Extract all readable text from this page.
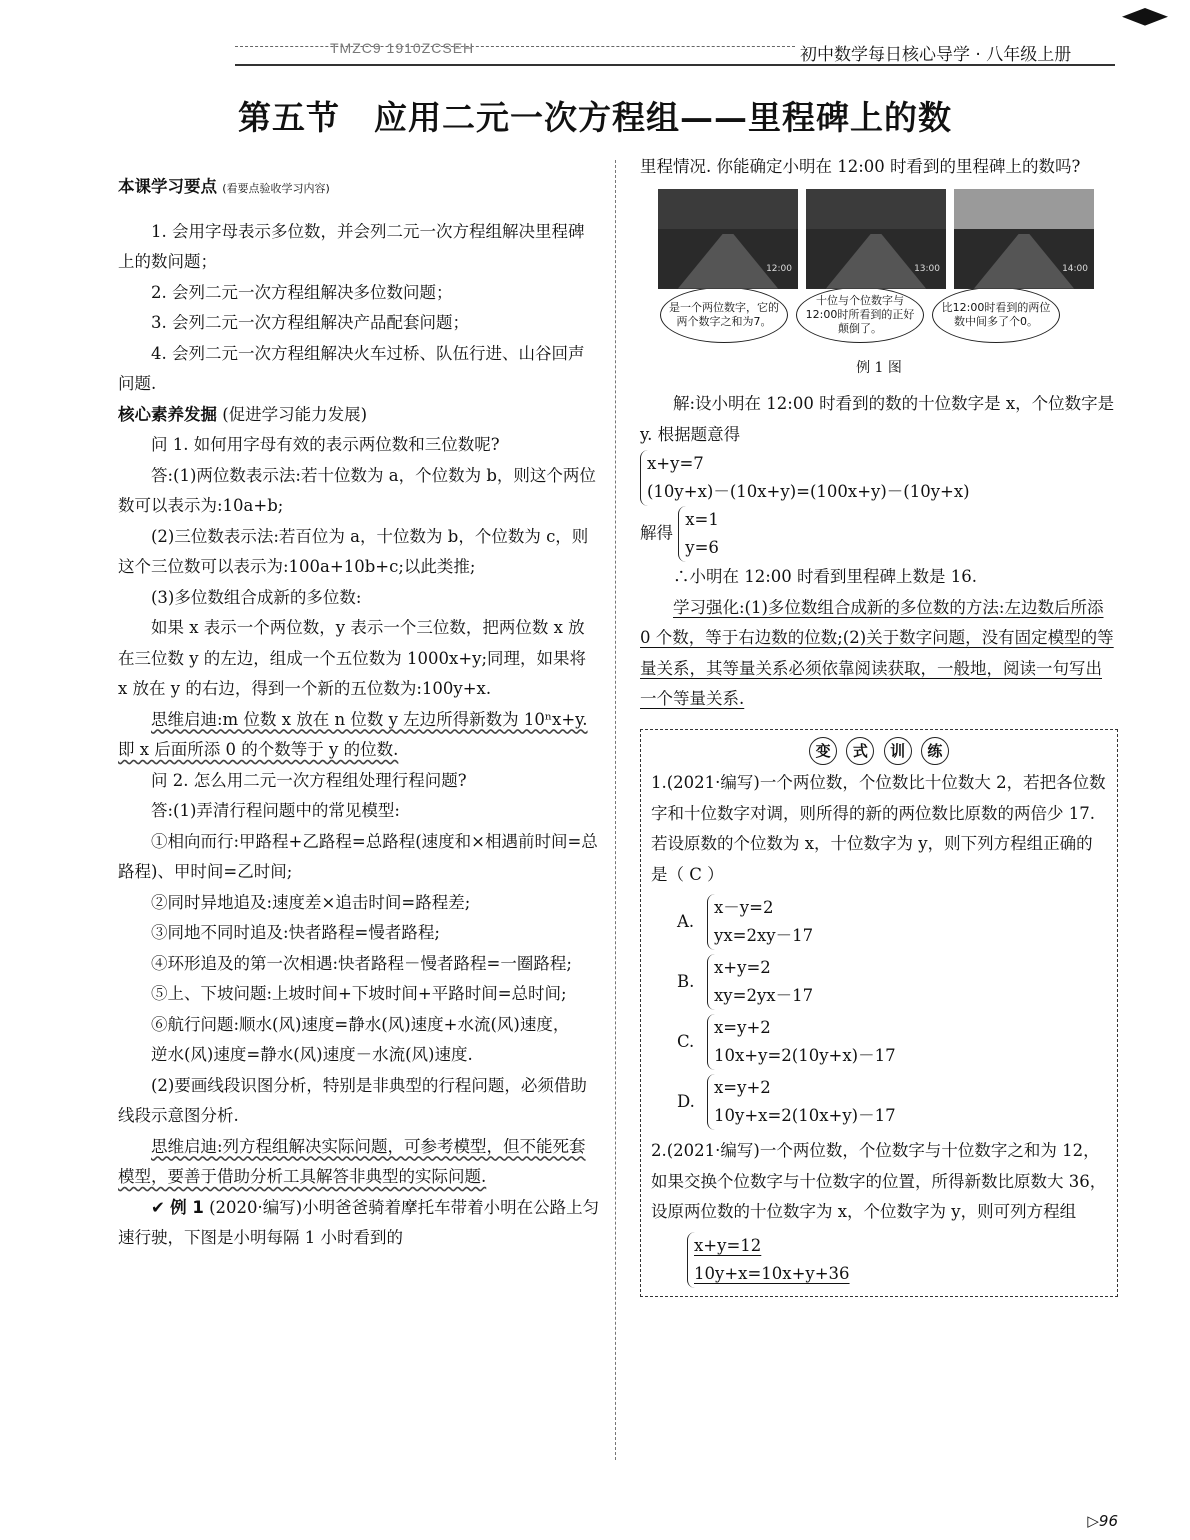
TMZC9 1910ZCSEH	初中数学每日核心导学 · 八年级上册
第五节　应用二元一次方程组——里程碑上的数

本课学习要点 (看要点验收学习内容)

1. 会用字母表示多位数，并会列二元一次方程组解决里程碑上的数问题；

2. 会列二元一次方程组解决多位数问题；

3. 会列二元一次方程组解决产品配套问题；

4. 会列二元一次方程组解决火车过桥、队伍行进、山谷回声问题.

核心素养发掘 (促进学习能力发展)

问 1. 如何用字母有效的表示两位数和三位数呢?

答:(1)两位数表示法:若十位数为 a，个位数为 b，则这个两位数可以表示为:10a+b;

(2)三位数表示法:若百位为 a，十位数为 b，个位数为 c，则这个三位数可以表示为:100a+10b+c;以此类推;

(3)多位数组合成新的多位数:

如果 x 表示一个两位数，y 表示一个三位数，把两位数 x 放在三位数 y 的左边，组成一个五位数为 1000x+y;同理，如果将 x 放在 y 的右边，得到一个新的五位数为:100y+x.

思维启迪:m 位数 x 放在 n 位数 y 左边所得新数为 10ⁿx+y. 即 x 后面所添 0 的个数等于 y 的位数.

问 2. 怎么用二元一次方程组处理行程问题?

答:(1)弄清行程问题中的常见模型:

①相向而行:甲路程+乙路程=总路程(速度和×相遇前时间=总路程)、甲时间=乙时间;

②同时异地追及:速度差×追击时间=路程差;

③同地不同时追及:快者路程=慢者路程;

④环形追及的第一次相遇:快者路程－慢者路程=一圈路程;

⑤上、下坡问题:上坡时间+下坡时间+平路时间=总时间;

⑥航行问题:顺水(风)速度=静水(风)速度+水流(风)速度，

逆水(风)速度=静水(风)速度－水流(风)速度.

(2)要画线段识图分析，特别是非典型的行程问题，必须借助线段示意图分析.

思维启迪:列方程组解决实际问题，可参考模型，但不能死套模型，要善于借助分析工具解答非典型的实际问题.

✔ 例 1 (2020·编写)小明爸爸骑着摩托车带着小明在公路上匀速行驶，下图是小明每隔 1 小时看到的

里程情况. 你能确定小明在 12:00 时看到的里程碑上的数吗?

12:00	13:00	14:00
是一个两位数字，它的两个数字之和为7。
十位与个位数字与12:00时所看到的正好颠倒了。
比12:00时看到的两位数中间多了个0。

例 1 图

解:设小明在 12:00 时看到的数的十位数字是 x，个位数字是 y. 根据题意得

x+y=7
(10y+x)－(10x+y)=(100x+y)－(10y+x)

解得 x=1
y=6

∴小明在 12:00 时看到里程碑上数是 16.

学习强化:(1)多位数组合成新的多位数的方法:左边数后所添 0 个数，等于右边数的位数;(2)关于数字问题，没有固定模型的等量关系，其等量关系必须依靠阅读获取，一般地，阅读一句写出一个等量关系.

变 式 训 练

1.(2021·编写)一个两位数，个位数比十位数大 2，若把各位数字和十位数字对调，则所得的新的两位数比原数的两倍少 17. 若设原数的个位数为 x，十位数字为 y，则下列方程组正确的是（ C ）

A.
x－y=2
yx=2xy－17
B.
x+y=2
xy=2yx－17
C.
x=y+2
10x+y=2(10y+x)－17
D.
x=y+2
10y+x=2(10x+y)－17

2.(2021·编写)一个两位数，个位数字与十位数字之和为 12，如果交换个位数字与十位数字的位置，所得新数比原数大 36，设原两位数的十位数字为 x，个位数字为 y，则可列方程组

x+y=12
10y+x=10x+y+36
▷96
